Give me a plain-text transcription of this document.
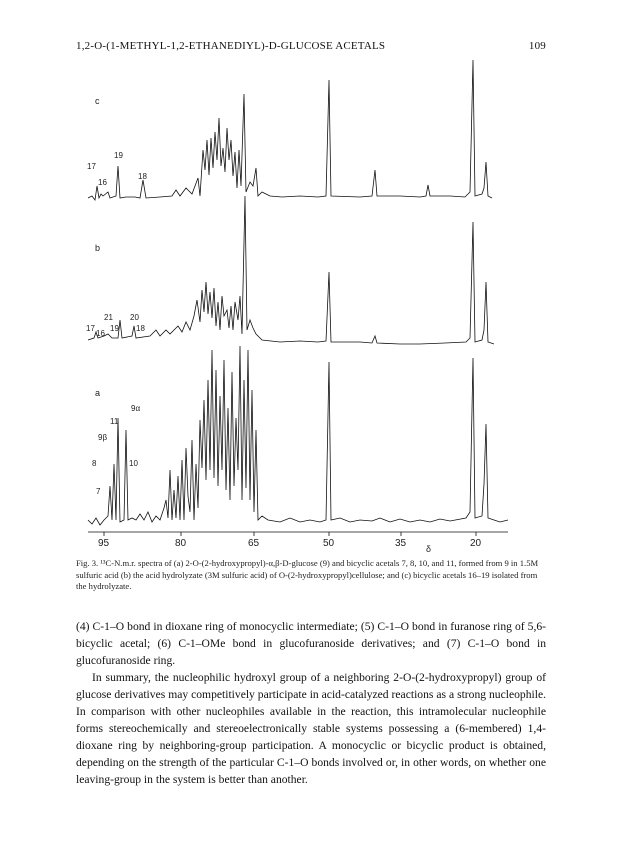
1,2-O-(1-METHYL-1,2-ETHANEDIYL)-D-GLUCOSE ACETALS	109
c
17
16
19
18
b
21 20
17
16
19 18
a
11
9α
9β
8	10
7
95	80	65	50	35 δ	20
Fig. 3. ¹³C-N.m.r. spectra of (a) 2-O-(2-hydroxypropyl)-α,β-D-glucose (9) and bicyclic acetals 7, 8, 10, and 11, formed from 9 in 1.5M sulfuric acid (b) the acid hydrolyzate (3M sulfuric acid) of O-(2-hydroxypropyl)cellulose; and (c) bicyclic acetals 16–19 isolated from the hydrolyzate.

(4) C-1–O bond in dioxane ring of monocyclic intermediate; (5) C-1–O bond in furanose ring of 5,6-bicyclic acetal; (6) C-1–OMe bond in glucofuranoside derivatives; and (7) C-1–O bond in glucofuranoside ring.

In summary, the nucleophilic hydroxyl group of a neighboring 2-O-(2-hydroxypropyl) group of glucose derivatives may competitively participate in acid-catalyzed reactions as a strong nucleophile. In comparison with other nucleophiles available in the reaction, this intramolecular nucleophile forms stereochemically and stereoelectronically stable systems possessing a (6-membered) 1,4-dioxane ring by neighboring-group participation. A monocyclic or bicyclic product is obtained, depending on the strength of the particular C-1–O bonds involved or, in other words, on whether one leaving-group in the system is better than another.
